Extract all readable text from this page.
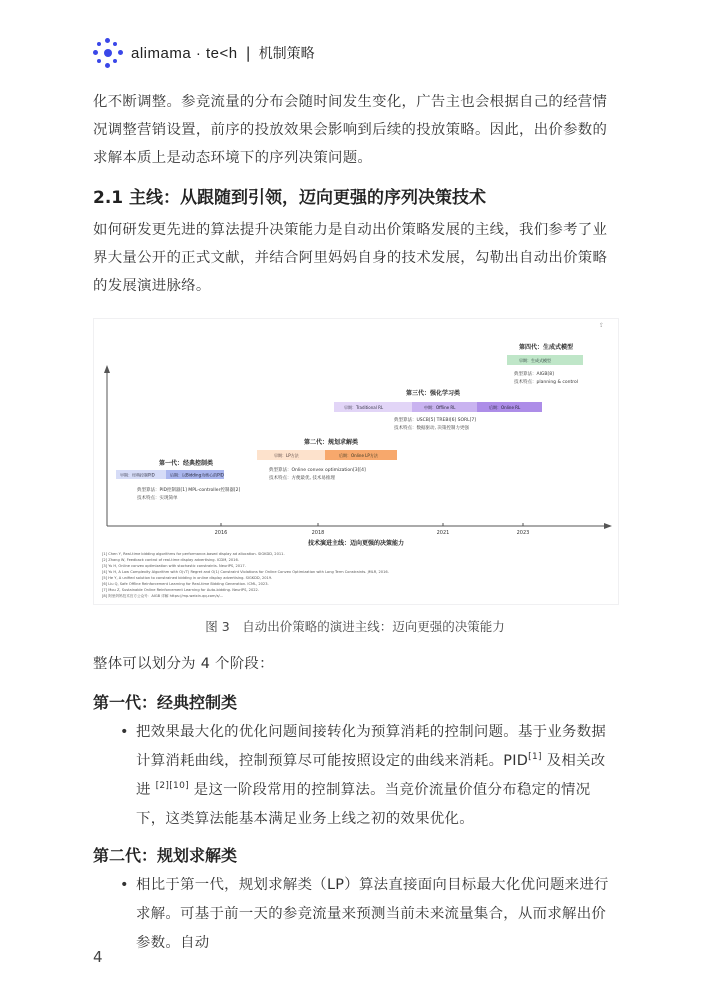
alimama · te<h | 机制策略
化不断调整。参竞流量的分布会随时间发生变化，广告主也会根据自己的经营情况调整营销设置，前序的投放效果会影响到后续的投放策略。因此，出价参数的求解本质上是动态环境下的序列决策问题。
2.1 主线：从跟随到引领，迈向更强的序列决策技术
如何研发更先进的算法提升决策能力是自动出价策略发展的主线，我们参考了业界大量公开的正式文献，并结合阿里妈妈自身的技术发展，勾勒出自动出价策略的发展演进脉络。
⇪
2016	2018	2021	2023
技术演进主线：迈向更强的决策能力
第一代：经典控制类
早期：经典控制PID	后期：以Bidding为核心的PID
典型算法：PID控制器[1] MPL-controller控制器[2]
技术特点：实现简单
第二代：规划求解类
早期：LP方法	后期：Online LP方法
典型算法：Online convex optimization[3][4]
技术特点：方便最优, 技术易推理
第三代：强化学习类
早期：Traditional RL	中期：Offline RL	后期：Online RL
典型算法：USCB[5] TREBI[6] SORL[7]
技术特点：数据驱动, 决策控制力更强
第四代：生成式模型
早期：生成式模型
典型算法：AIGB[8]
技术特点：planning & control
[1] Chen Y, Real-time bidding algorithms for performance-based display ad allocation. SIGKDD, 2011.
[2] Zhang W, Feedback control of real-time display advertising. ICDM, 2016.
[3] Yu H, Online convex optimization with stochastic constraints. NeurIPS, 2017.
[4] Yu H, A Low Complexity Algorithm with O(√T) Regret and O(1) Constraint Violations for Online Convex Optimization with Long Term Constraints. JMLR, 2016.
[5] He Y, A unified solution to constrained bidding in online display advertising. SIGKDD, 2019.
[6] Liu Q, Safe Offline Reinforcement Learning for Real-time Bidding Generation. ICML, 2023.
[7] Mou Z, Sustainable Online Reinforcement Learning for Auto-bidding. NeurIPS, 2022.
[8] 阿里妈妈技术官方公众号：AIGB 详解 https://mp.weixin.qq.com/s/...
图 3　自动出价策略的演进主线：迈向更强的决策能力
整体可以划分为 4 个阶段：
第一代：经典控制类
• 把效果最大化的优化问题间接转化为预算消耗的控制问题。基于业务数据计算消耗曲线，控制预算尽可能按照设定的曲线来消耗。PID[1] 及相关改进 [2][10] 是这一阶段常用的控制算法。当竞价流量价值分布稳定的情况下，这类算法能基本满足业务上线之初的效果优化。
第二代：规划求解类
• 相比于第一代，规划求解类（LP）算法直接面向目标最大化优问题来进行求解。可基于前一天的参竞流量来预测当前未来流量集合，从而求解出价参数。自动
4
